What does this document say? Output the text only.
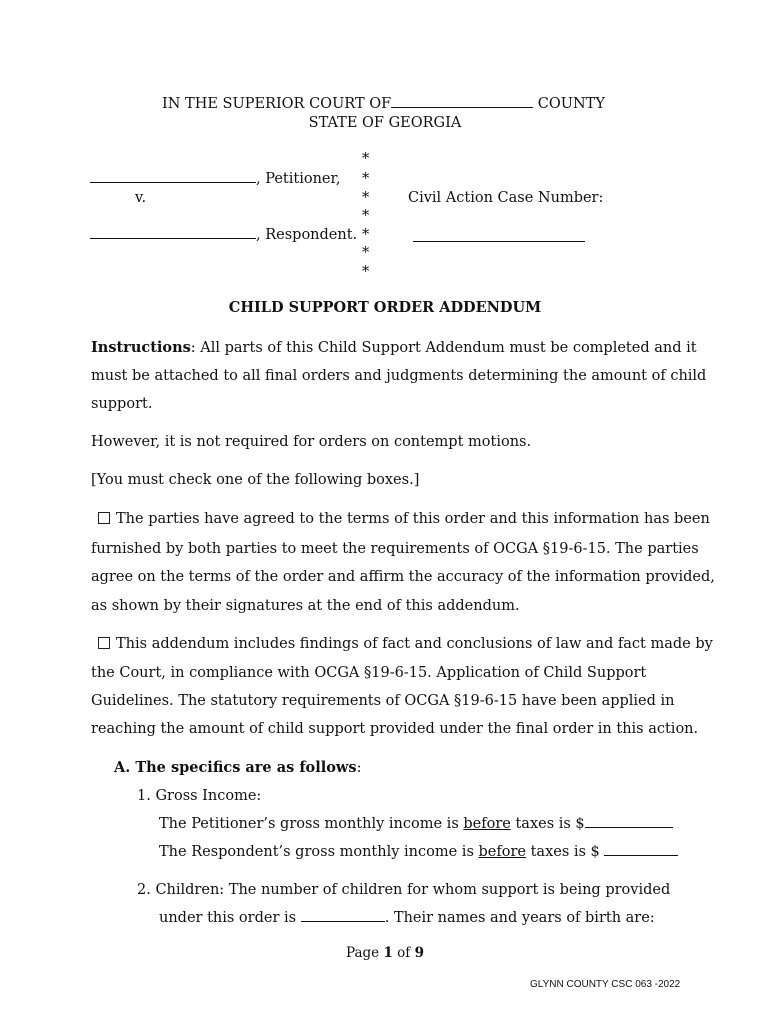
IN THE SUPERIOR COURT OF	COUNTY
STATE OF GEORGIA
, Petitioner,
v.
, Respondent.
*
*
*
*
*
*
*
Civil Action Case Number:
CHILD SUPPORT ORDER ADDENDUM
Instructions: All parts of this Child Support Addendum must be completed and it
must be attached to all final orders and judgments determining the amount of child
support.
However, it is not required for orders on contempt motions.
[You must check one of the following boxes.]
The parties have agreed to the terms of this order and this information has been
furnished by both parties to meet the requirements of OCGA §19-6-15. The parties
agree on the terms of the order and affirm the accuracy of the information provided,
as shown by their signatures at the end of this addendum.
This addendum includes findings of fact and conclusions of law and fact made by
the Court, in compliance with OCGA §19-6-15. Application of Child Support
Guidelines. The statutory requirements of OCGA §19-6-15 have been applied in
reaching the amount of child support provided under the final order in this action.
A. The specifics are as follows:
1. Gross Income:
The Petitioner’s gross monthly income is before taxes is $
The Respondent’s gross monthly income is before taxes is $
2. Children: The number of children for whom support is being provided
under this order is	. Their names and years of birth are:
Page 1 of 9
GLYNN COUNTY CSC 063 -2022
